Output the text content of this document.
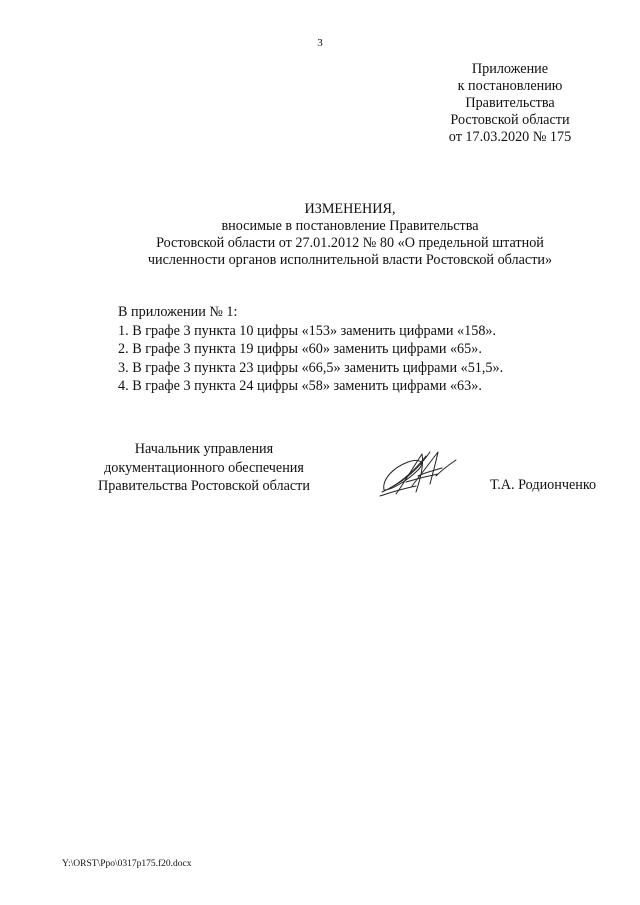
3
Приложение
к постановлению
Правительства
Ростовской области
от 17.03.2020 № 175
ИЗМЕНЕНИЯ,
вносимые в постановление Правительства
Ростовской области от 27.01.2012 № 80 «О предельной штатной
численности органов исполнительной власти Ростовской области»
В приложении № 1:
1. В графе 3 пункта 10 цифры «153» заменить цифрами «158».
2. В графе 3 пункта 19 цифры «60» заменить цифрами «65».
3. В графе 3 пункта 23 цифры «66,5» заменить цифрами «51,5».
4. В графе 3 пункта 24 цифры «58» заменить цифрами «63».
Начальник управления
документационного обеспечения
Правительства Ростовской области	Т.А. Родионченко
Y:\ORST\Ppo\0317p175.f20.docx
